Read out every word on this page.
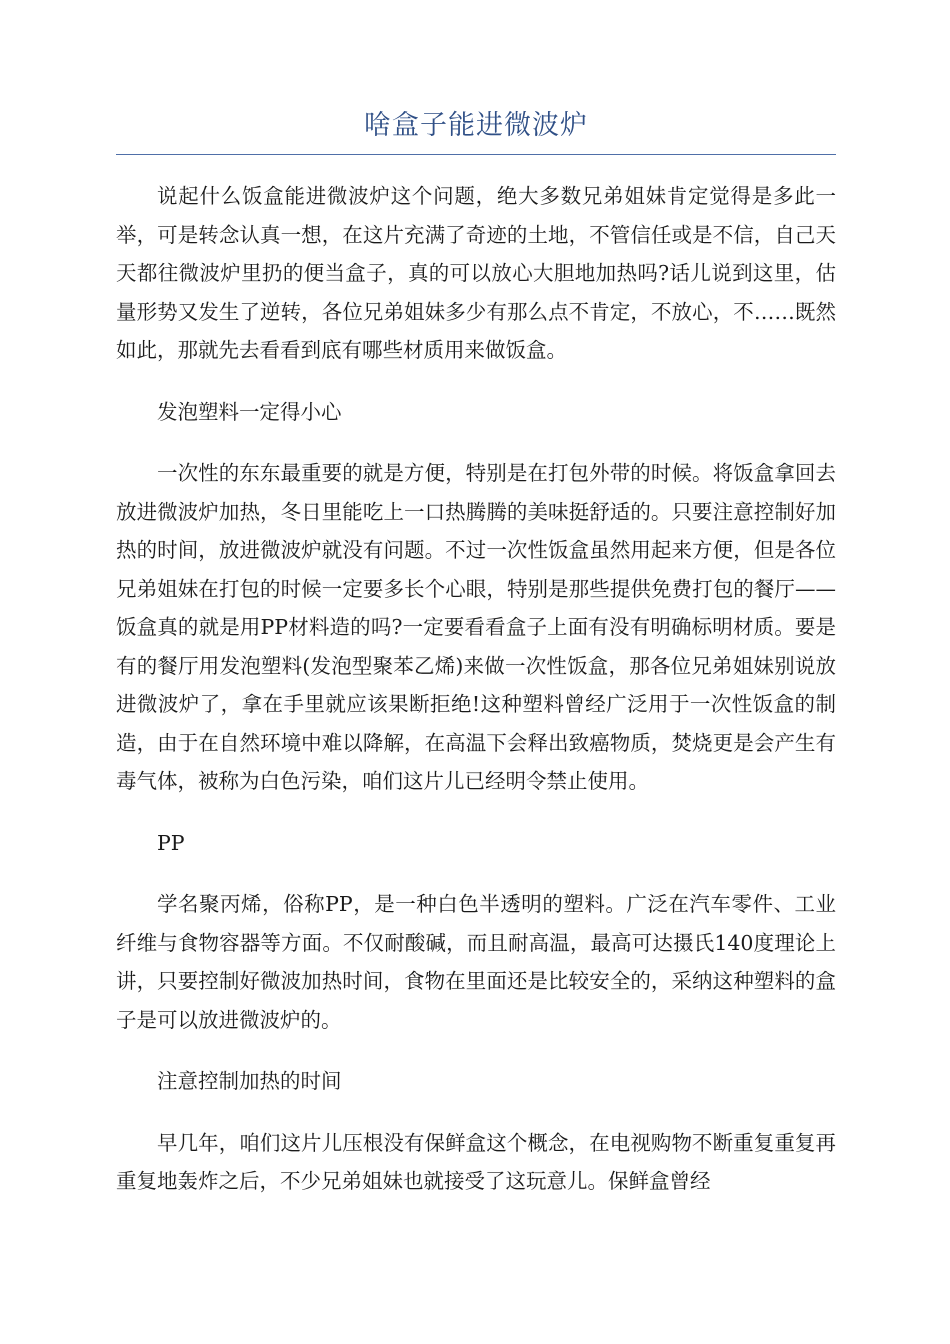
啥盒子能进微波炉

说起什么饭盒能进微波炉这个问题，绝大多数兄弟姐妹肯定觉得是多此一举，可是转念认真一想，在这片充满了奇迹的土地，不管信任或是不信，自己天天都往微波炉里扔的便当盒子，真的可以放心大胆地加热吗?话儿说到这里，估量形势又发生了逆转，各位兄弟姐妹多少有那么点不肯定，不放心，不……既然如此，那就先去看看到底有哪些材质用来做饭盒。

发泡塑料一定得小心

一次性的东东最重要的就是方便，特别是在打包外带的时候。将饭盒拿回去放进微波炉加热，冬日里能吃上一口热腾腾的美味挺舒适的。只要注意控制好加热的时间，放进微波炉就没有问题。不过一次性饭盒虽然用起来方便，但是各位兄弟姐妹在打包的时候一定要多长个心眼，特别是那些提供免费打包的餐厅——饭盒真的就是用PP材料造的吗?一定要看看盒子上面有没有明确标明材质。要是有的餐厅用发泡塑料(发泡型聚苯乙烯)来做一次性饭盒，那各位兄弟姐妹别说放进微波炉了，拿在手里就应该果断拒绝!这种塑料曾经广泛用于一次性饭盒的制造，由于在自然环境中难以降解，在高温下会释出致癌物质，焚烧更是会产生有毒气体，被称为白色污染，咱们这片儿已经明令禁止使用。

PP

学名聚丙烯，俗称PP，是一种白色半透明的塑料。广泛在汽车零件、工业纤维与食物容器等方面。不仅耐酸碱，而且耐高温，最高可达摄氏140度理论上讲，只要控制好微波加热时间，食物在里面还是比较安全的，采纳这种塑料的盒子是可以放进微波炉的。

注意控制加热的时间

早几年，咱们这片儿压根没有保鲜盒这个概念，在电视购物不断重复重复再重复地轰炸之后，不少兄弟姐妹也就接受了这玩意儿。保鲜盒曾经
